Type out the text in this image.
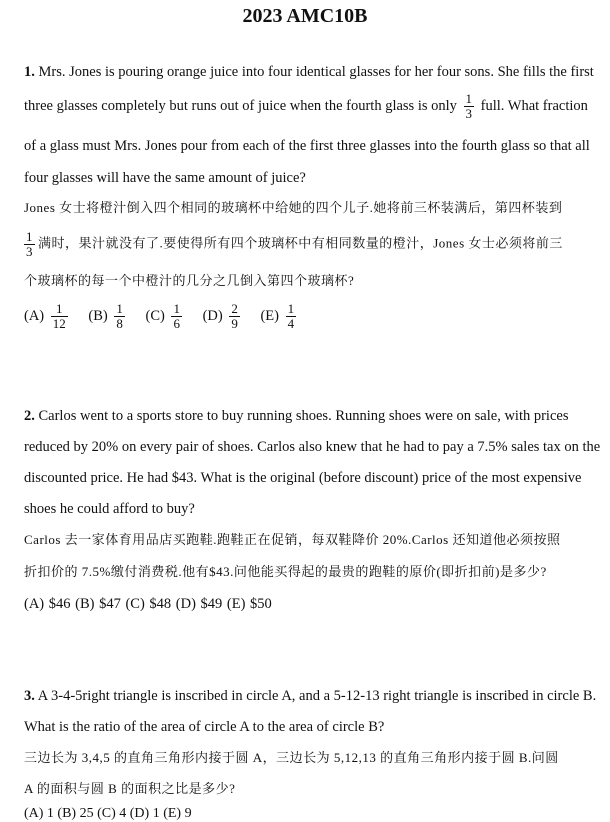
2023 AMC10B
1. Mrs. Jones is pouring orange juice into four identical glasses for her four sons. She fills the first
three glasses completely but runs out of juice when the fourth glass is only $\frac{1}{3}$ full. What fraction
of a glass must Mrs. Jones pour from each of the first three glasses into the fourth glass so that all
four glasses will have the same amount of juice?
Jones 女士将橙汁倒入四个相同的玻璃杯中给她的四个儿子.她将前三杯装满后，第四杯装到
$\frac{1}{3}$ 满时，果汁就没有了.要使得所有四个玻璃杯中有相同数量的橙汁，Jones 女士必须将前三
个玻璃杯的每一个中橙汁的几分之几倒入第四个玻璃杯?
$(A) \frac{1}{12} (B) \frac{1}{8} (C) \frac{1}{6} (D) \frac{2}{9} (E) \frac{1}{4}$
2. Carlos went to a sports store to buy running shoes. Running shoes were on sale, with prices
reduced by 20% on every pair of shoes. Carlos also knew that he had to pay a 7.5% sales tax on the
discounted price. He had $43. What is the original (before discount) price of the most expensive
shoes he could afford to buy?
Carlos 去一家体育用品店买跑鞋.跑鞋正在促销，每双鞋降价 20%.Carlos 还知道他必须按照
折扣价的 7.5%缴付消费税.他有$43.问他能买得起的最贵的跑鞋的原价(即折扣前)是多少?
(A) $46 (B) $47 (C) $48 (D) $49 (E) $50
3. A 3-4-5right triangle is inscribed in circle A, and a 5-12-13 right triangle is inscribed in circle B.
What is the ratio of the area of circle A to the area of circle B?
三边长为 3,4,5 的直角三角形内接于圆 A，三边长为 5,12,13 的直角三角形内接于圆 B.问圆
A 的面积与圆 B 的面积之比是多少?
(A) 1 (B) 25 (C) 4 (D) 1 (E) 9
